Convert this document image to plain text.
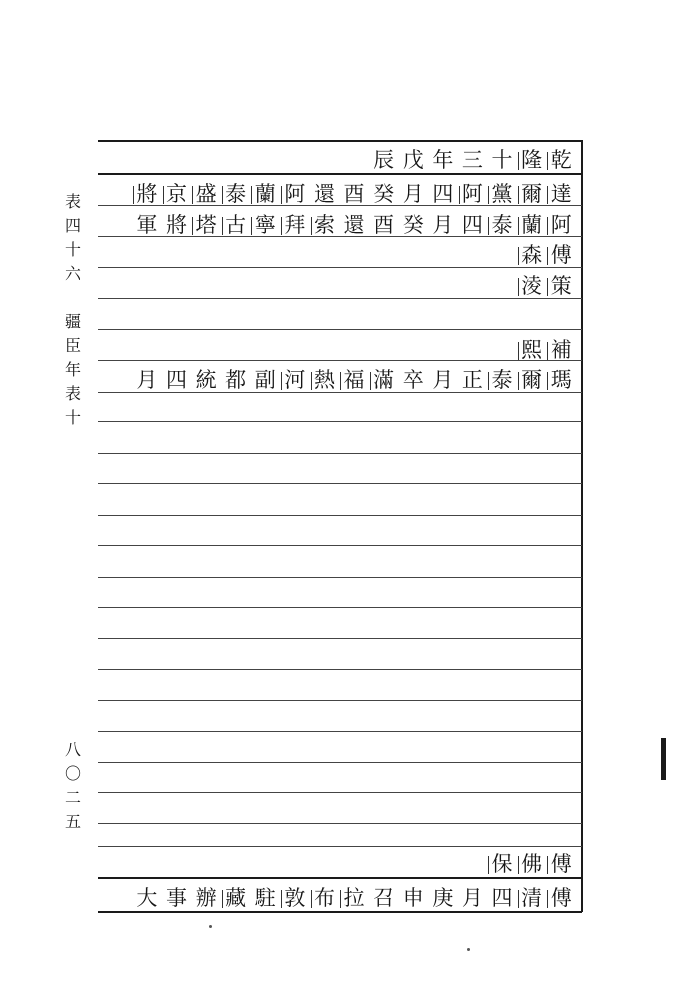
表
四
十
六
疆
臣
年
表
十
八
〇
二
五
乾
隆
十
三
年
戊
辰
達
爾
黨
阿
四
月
癸
酉
還
阿
蘭
泰
盛
京
將
阿
蘭
泰
四
月
癸
酉
還
索
拜
寧
古
塔
將
軍
傅
森
策
淩
補
熙
瑪
爾
泰
正
月
卒
滿
福
熱
河
副
都
統
四
月
傅
佛
保
傅
清
四
月
庚
申
召
拉
布
敦
駐
藏
辦
事
大
